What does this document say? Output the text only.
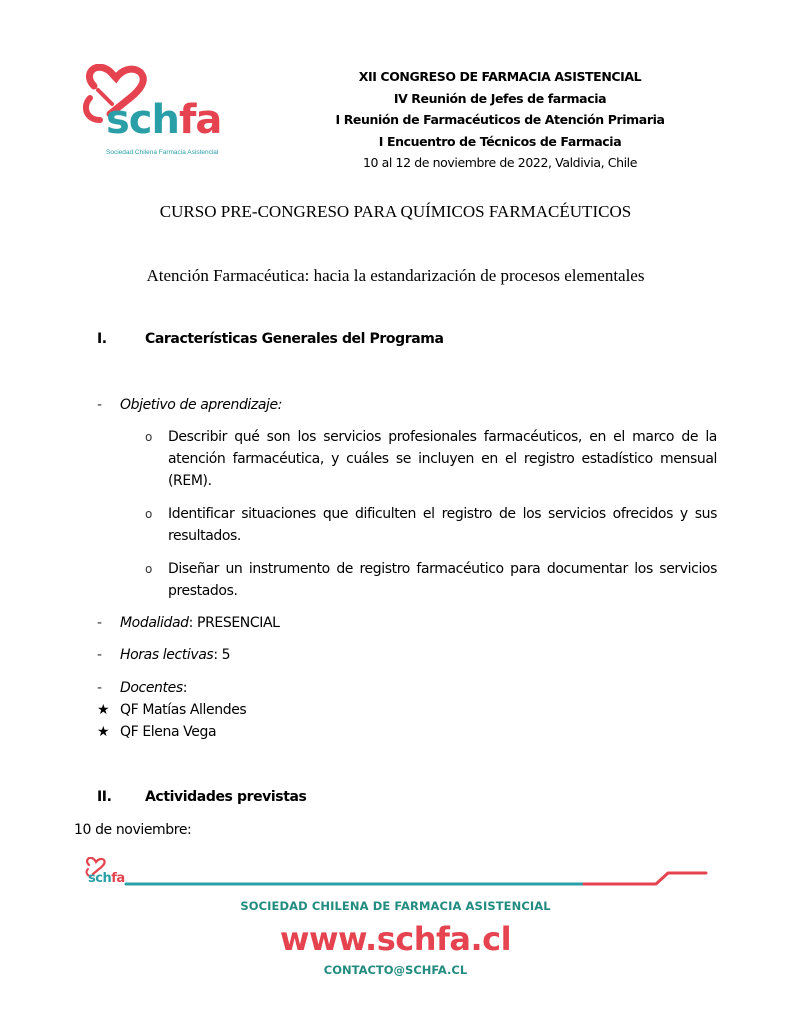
schfa
Sociedad Chilena Farmacia Asistencial
XII CONGRESO DE FARMACIA ASISTENCIAL
IV Reunión de Jefes de farmacia
I Reunión de Farmacéuticos de Atención Primaria
I Encuentro de Técnicos de Farmacia
10 al 12 de noviembre de 2022, Valdivia, Chile
CURSO PRE-CONGRESO PARA QUÍMICOS FARMACÉUTICOS
Atención Farmacéutica: hacia la estandarización de procesos elementales
I.	Características Generales del Programa
- Objetivo de aprendizaje:
o Describir qué son los servicios profesionales farmacéuticos, en el marco de la atención farmacéutica, y cuáles se incluyen en el registro estadístico mensual (REM).
o Identificar situaciones que dificulten el registro de los servicios ofrecidos y sus resultados.
o Diseñar un instrumento de registro farmacéutico para documentar los servicios prestados.
- Modalidad: PRESENCIAL
- Horas lectivas: 5
- Docentes:
★ QF Matías Allendes
★ QF Elena Vega
II. Actividades previstas
10 de noviembre:
schfa
SOCIEDAD CHILENA DE FARMACIA ASISTENCIAL
www.schfa.cl
CONTACTO@SCHFA.CL
